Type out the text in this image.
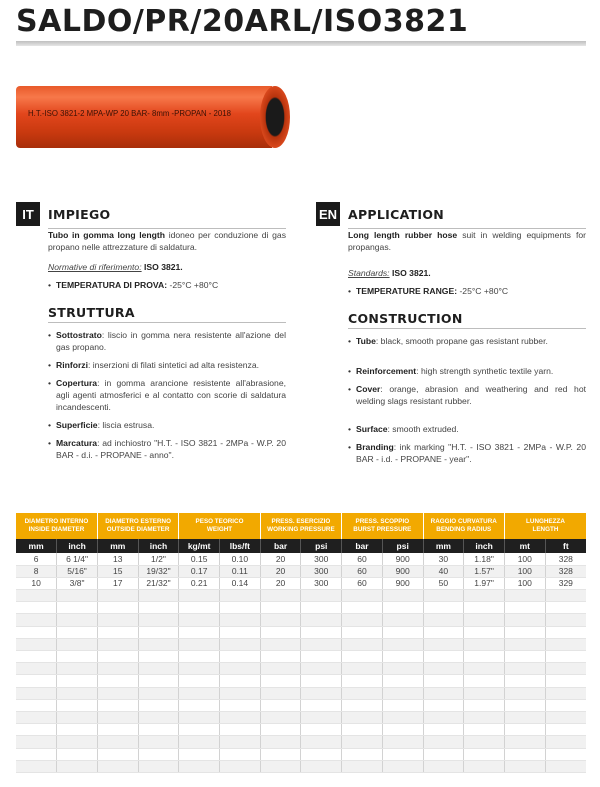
SALDO/PR/20ARL/ISO3821
H.T.-ISO 3821-2 MPA-WP 20 BAR- 8mm -PROPAN - 2018
IT	IMPIEGO

Tubo in gomma long length idoneo per conduzione di gas propano nelle attrezzature di saldatura.

Normative di riferimento: ISO 3821.

• TEMPERATURA DI PROVA: -25°C +80°C
STRUTTURA
• Sottostrato: liscio in gomma nera resistente all'azione del gas propano.
• Rinforzi: inserzioni di filati sintetici ad alta resistenza.
• Copertura: in gomma arancione resistente all'abrasione, agli agenti atmosferici e al contatto con scorie di saldatura incandescenti.
• Superficie: liscia estrusa.
• Marcatura: ad inchiostro "H.T. - ISO 3821 - 2MPa - W.P. 20 BAR - d.i. - PROPANE - anno".
EN APPLICATION

Long length rubber hose suit in welding equipments for propangas.

Standards: ISO 3821.

• TEMPERATURE RANGE: -25°C +80°C
CONSTRUCTION
• Tube: black, smooth propane gas resistant rubber.
• Reinforcement: high strength synthetic textile yarn.
• Cover: orange, abrasion and weathering and red hot welding slags resistant rubber.
• Surface: smooth extruded.
• Branding: ink marking "H.T. - ISO 3821 - 2MPa - W.P. 20 BAR - i.d. - PROPANE - year".
DIAMETRO INTERNO
INSIDE DIAMETER		DIAMETRO ESTERNO
OUTSIDE DIAMETER		PESO TEORICO
WEIGHT		PRESS. ESERCIZIO
WORKING PRESSURE		PRESS. SCOPPIO
BURST PRESSURE		RAGGIO CURVATURA
BENDING RADIUS		LUNGHEZZA
LENGTH	
mm	inch	mm	inch	kg/mt	lbs/ft	bar	psi	bar	psi	mm	inch	mt	ft
6	6 1/4"	13	1/2"	0.15	0.10	20	300	60	900	30	1.18"	100	328
8	5/16"	15	19/32"	0.17	0.11	20	300	60	900	40	1.57"	100	328
10	3/8"	17	21/32"	0.21	0.14	20	300	60	900	50	1.97"	100	329
